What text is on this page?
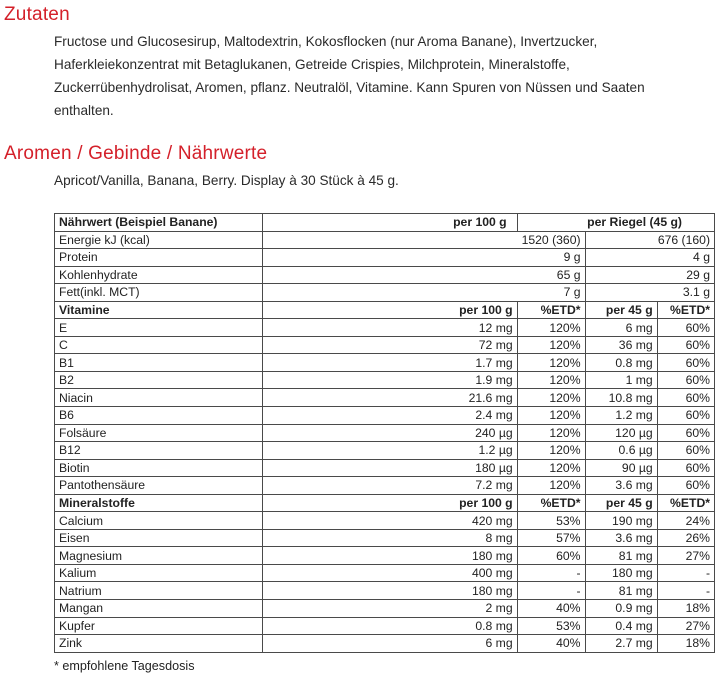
Zutaten
Fructose und Glucosesirup, Maltodextrin, Kokosflocken (nur Aroma Banane), Invertzucker, Haferkleiekonzentrat mit Betaglukanen, Getreide Crispies, Milchprotein, Mineralstoffe, Zuckerrübenhydrolisat, Aromen, pflanz. Neutralöl, Vitamine. Kann Spuren von Nüssen und Saaten enthalten.
Aromen / Gebinde / Nährwerte
Apricot/Vanilla, Banana, Berry. Display à 30 Stück à 45 g.
Nährwert (Beispiel Banane)	per 100 g	per Riegel (45 g)		
Energie kJ (kcal)	1520 (360)		676 (160)	
Protein	9 g		4 g	
Kohlenhydrate	65 g		29 g	
Fett(inkl. MCT)	7 g		3.1 g	
Vitamine	per 100 g	%ETD*	per 45 g	%ETD*
E	12 mg	120%	6 mg	60%
C	72 mg	120%	36 mg	60%
B1	1.7 mg	120%	0.8 mg	60%
B2	1.9 mg	120%	1 mg	60%
Niacin	21.6 mg	120%	10.8 mg	60%
B6	2.4 mg	120%	1.2 mg	60%
Folsäure	240 µg	120%	120 µg	60%
B12	1.2 µg	120%	0.6 µg	60%
Biotin	180 µg	120%	90 µg	60%
Pantothensäure	7.2 mg	120%	3.6 mg	60%
Mineralstoffe	per 100 g	%ETD*	per 45 g	%ETD*
Calcium	420 mg	53%	190 mg	24%
Eisen	8 mg	57%	3.6 mg	26%
Magnesium	180 mg	60%	81 mg	27%
Kalium	400 mg	-	180 mg	-
Natrium	180 mg	-	81 mg	-
Mangan	2 mg	40%	0.9 mg	18%
Kupfer	0.8 mg	53%	0.4 mg	27%
Zink	6 mg	40%	2.7 mg	18%
* empfohlene Tagesdosis
